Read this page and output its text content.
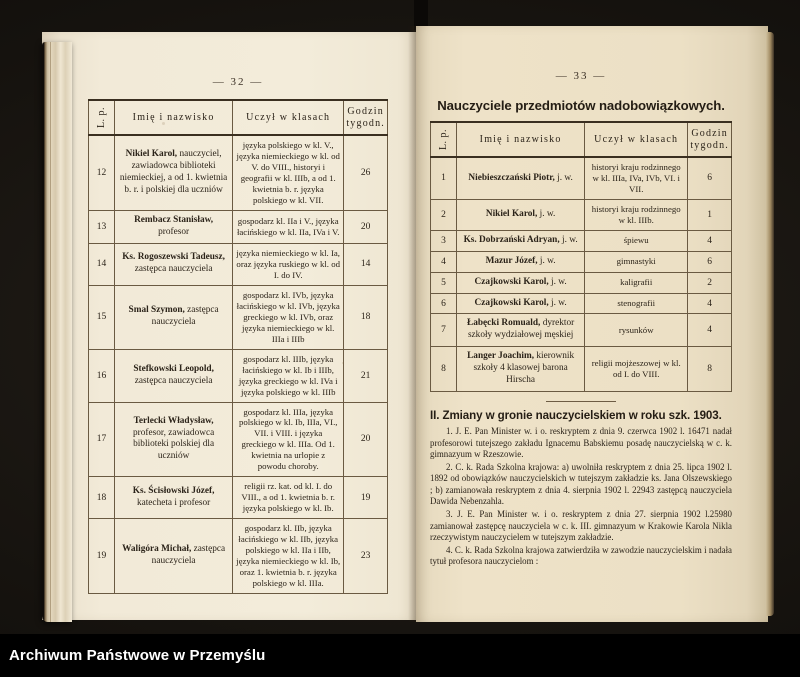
— 32 —
L. p.	Imię i nazwisko	Uczył w klasach	Godzin
tygodn.

12	Nikiel Karol, nauczyciel, zawiadowca biblioteki niemieckiej, a od 1. kwietnia b. r. i polskiej dla uczniów	języka polskiego w kl. V., języka niemieckiego w kl. od V. do VIII., historyi i geografii w kl. IIIb, a od 1. kwietnia b. r. języka polskiego w kl. VII.	26
13	Rembacz Stanisław, profesor	gospodarz kl. IIa i V., języka łacińskiego w kl. IIa, IVa i V.	20
14	Ks. Rogoszewski Tadeusz, zastępca nauczyciela	języka niemieckiego w kl. Ia, oraz języka ruskiego w kl. od I. do IV.	14
15	Smal Szymon, zastępca nauczyciela	gospodarz kl. IVb, języka łacińskiego w kl. IVb, języka greckiego w kl. IVb, oraz języka niemieckiego w kl. IIIa i IIIb	18
16	Stefkowski Leopold, zastępca nauczyciela	gospodarz kl. IIIb, języka łacińskiego w kl. Ib i IIIb, języka greckiego w kl. IVa i języka polskiego w kl. IIIb	21
17	Terlecki Władysław, profesor, zawiadowca biblioteki polskiej dla uczniów	gospodarz kl. IIIa, języka polskiego w kl. Ib, IIIa, VI., VII. i VIII. i języka greckiego w kl. IIIa. Od 1. kwietnia na urlopie z powodu choroby.	20
18	Ks. Ścisłowski Józef, katecheta i profesor	religii rz. kat. od kl. I. do VIII., a od 1. kwietnia b. r. języka polskiego w kl. Ib.	19
19	Waligóra Michał, zastępca nauczyciela	gospodarz kl. IIb, języka łacińskiego w kl. IIb, języka polskiego w kl. IIa i IIb, języka niemieckiego w kl. Ib, oraz 1. kwietnia b. r. języka polskiego w kl. IIIa.	23
— 33 —
Nauczyciele przedmiotów nadobowiązkowych.
L. p.	Imię i nazwisko	Uczył w klasach	Godzin
tygodn.

1	Niebieszczański Piotr, j. w.	historyi kraju rodzinnego w kl. IIIa, IVa, IVb, VI. i VII.	6
2	Nikiel Karol, j. w.	historyi kraju rodzinnego w kl. IIIb.	1
3	Ks. Dobrzański Adryan, j. w.	śpiewu	4
4	Mazur Józef, j. w.	gimnastyki	6
5	Czajkowski Karol, j. w.	kaligrafii	2
6	Czajkowski Karol, j. w.	stenografii	4
7	Łabęcki Romuald, dyrektor szkoły wydziałowej męskiej	rysunków	4
8	Langer Joachim, kierownik szkoły 4 klasowej barona Hirscha	religii mojżeszowej w kl. od I. do VIII.	8
II. Zmiany w gronie nauczycielskiem w roku szk. 1903.

1. J. E. Pan Minister w. i o. reskryptem z dnia 9. czerwca 1902 l. 16471 nadał profesorowi tutejszego zakładu Ignacemu Babskiemu posadę nauczycielską w c. k. gimnazyum w Rzeszowie.

2. C. k. Rada Szkolna krajowa: a) uwolniła reskryptem z dnia 25. lipca 1902 l. 1892 od obowiązków nauczycielskich w tutejszym zakładzie ks. Jana Olszewskiego ; b) zamianowała reskryptem z dnia 4. sierpnia 1902 l. 22943 zastępcą nauczyciela Dawida Nebenzahla.

3. J. E. Pan Minister w. i o. reskryptem z dnia 27. sierpnia 1902 l.25980 zamianował zastępcę nauczyciela w c. k. III. gimnazyum w Krakowie Karola Nikla rzeczywistym nauczycielem w tutejszym zakładzie.

4. C. k. Rada Szkolna krajowa zatwierdziła w zawodzie nauczycielskim i nadała tytuł profesora nauczycielom :

Archiwum Państwowe w Przemyślu
